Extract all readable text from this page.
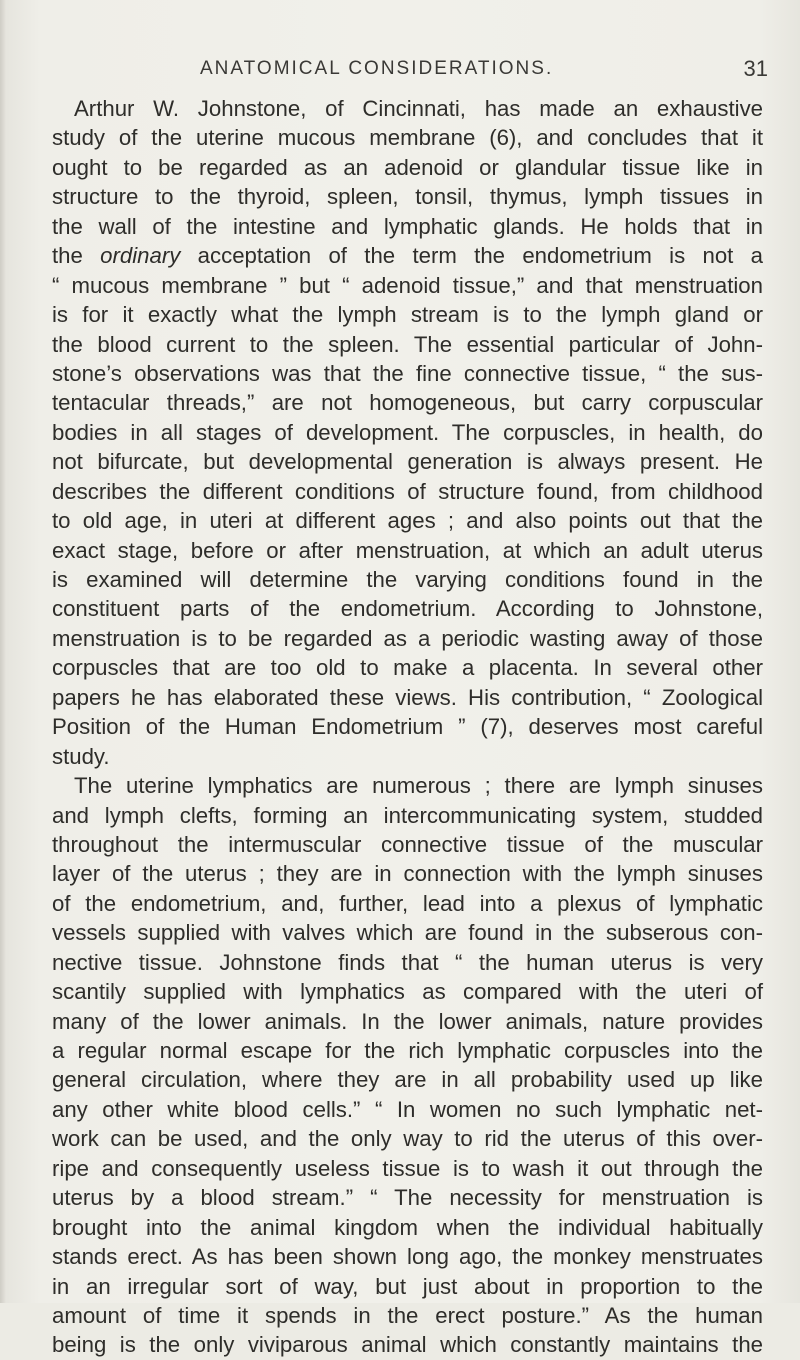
ANATOMICAL CONSIDERATIONS.	31
Arthur W. Johnstone, of Cincinnati, has made an exhaustive
study of the uterine mucous membrane (6), and concludes that it
ought to be regarded as an adenoid or glandular tissue like in
structure to the thyroid, spleen, tonsil, thymus, lymph tissues in
the wall of the intestine and lymphatic glands. He holds that in
the ordinary acceptation of the term the endometrium is not a
“ mucous membrane ” but “ adenoid tissue,” and that menstruation
is for it exactly what the lymph stream is to the lymph gland or
the blood current to the spleen. The essential particular of John-
stone’s observations was that the fine connective tissue, “ the sus-
tentacular threads,” are not homogeneous, but carry corpuscular
bodies in all stages of development. The corpuscles, in health, do
not bifurcate, but developmental generation is always present. He
describes the different conditions of structure found, from childhood
to old age, in uteri at different ages ; and also points out that the
exact stage, before or after menstruation, at which an adult uterus
is examined will determine the varying conditions found in the
constituent parts of the endometrium. According to Johnstone,
menstruation is to be regarded as a periodic wasting away of those
corpuscles that are too old to make a placenta. In several other
papers he has elaborated these views. His contribution, “ Zoological
Position of the Human Endometrium ” (7), deserves most careful
study.
The uterine lymphatics are numerous ; there are lymph sinuses
and lymph clefts, forming an intercommunicating system, studded
throughout the intermuscular connective tissue of the muscular
layer of the uterus ; they are in connection with the lymph sinuses
of the endometrium, and, further, lead into a plexus of lymphatic
vessels supplied with valves which are found in the subserous con-
nective tissue. Johnstone finds that “ the human uterus is very
scantily supplied with lymphatics as compared with the uteri of
many of the lower animals. In the lower animals, nature provides
a regular normal escape for the rich lymphatic corpuscles into the
general circulation, where they are in all probability used up like
any other white blood cells.” “ In women no such lymphatic net-
work can be used, and the only way to rid the uterus of this over-
ripe and consequently useless tissue is to wash it out through the
uterus by a blood stream.” “ The necessity for menstruation is
brought into the animal kingdom when the individual habitually
stands erect. As has been shown long ago, the monkey menstruates
in an irregular sort of way, but just about in proportion to the
amount of time it spends in the erect posture.” As the human
being is the only viviparous animal which constantly maintains the
